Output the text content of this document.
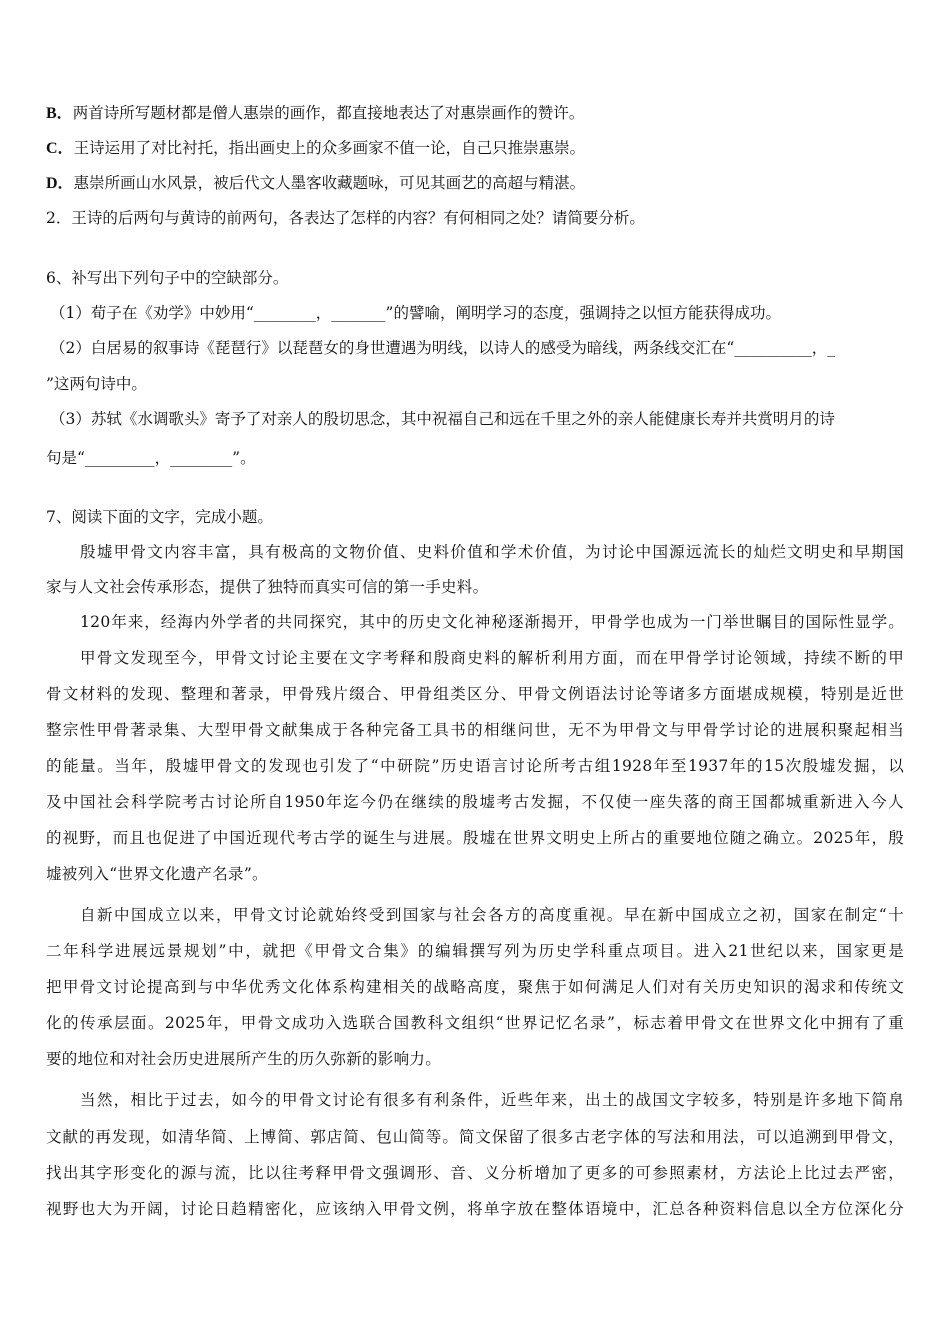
B．两首诗所写题材都是僧人惠崇的画作，都直接地表达了对惠崇画作的赞许。
C．王诗运用了对比衬托，指出画史上的众多画家不值一论，自己只推崇惠崇。
D．惠崇所画山水风景，被后代文人墨客收藏题咏，可见其画艺的高超与精湛。
2．王诗的后两句与黄诗的前两句，各表达了怎样的内容？有何相同之处？请简要分析。
6、补写出下列句子中的空缺部分。
（1）荀子在《劝学》中妙用“________，_______”的譬喻，阐明学习的态度，强调持之以恒方能获得成功。
（2）白居易的叙事诗《琵琶行》以琵琶女的身世遭遇为明线，以诗人的感受为暗线，两条线交汇在“__________，_
”这两句诗中。
（3）苏轼《水调歌头》寄予了对亲人的殷切思念，其中祝福自己和远在千里之外的亲人能健康长寿并共赏明月的诗
句是“_________，________”。
7、阅读下面的文字，完成小题。
殷墟甲骨文内容丰富，具有极高的文物价值、史料价值和学术价值，为讨论中国源远流长的灿烂文明史和早期国
家与人文社会传承形态，提供了独特而真实可信的第一手史料。
120年来，经海内外学者的共同探究，其中的历史文化神秘逐渐揭开，甲骨学也成为一门举世瞩目的国际性显学。
甲骨文发现至今，甲骨文讨论主要在文字考释和殷商史料的解析利用方面，而在甲骨学讨论领域，持续不断的甲
骨文材料的发现、整理和著录，甲骨残片缀合、甲骨组类区分、甲骨文例语法讨论等诸多方面堪成规模，特别是近世
整宗性甲骨著录集、大型甲骨文献集成于各种完备工具书的相继问世，无不为甲骨文与甲骨学讨论的进展积聚起相当
的能量。当年，殷墟甲骨文的发现也引发了“中研院”历史语言讨论所考古组1928年至1937年的15次殷墟发掘，以
及中国社会科学院考古讨论所自1950年迄今仍在继续的殷墟考古发掘，不仅使一座失落的商王国都城重新进入今人
的视野，而且也促进了中国近现代考古学的诞生与进展。殷墟在世界文明史上所占的重要地位随之确立。2025年，殷
墟被列入“世界文化遗产名录”。
自新中国成立以来，甲骨文讨论就始终受到国家与社会各方的高度重视。早在新中国成立之初，国家在制定“十
二年科学进展远景规划”中，就把《甲骨文合集》的编辑撰写列为历史学科重点项目。进入21世纪以来，国家更是
把甲骨文讨论提高到与中华优秀文化体系构建相关的战略高度，聚焦于如何满足人们对有关历史知识的渴求和传统文
化的传承层面。2025年，甲骨文成功入选联合国教科文组织“世界记忆名录”，标志着甲骨文在世界文化中拥有了重
要的地位和对社会历史进展所产生的历久弥新的影响力。
当然，相比于过去，如今的甲骨文讨论有很多有利条件，近些年来，出土的战国文字较多，特别是许多地下简帛
文献的再发现，如清华简、上博简、郭店简、包山简等。简文保留了很多古老字体的写法和用法，可以追溯到甲骨文，
找出其字形变化的源与流，比以往考释甲骨文强调形、音、义分析增加了更多的可参照素材，方法论上比过去严密，
视野也大为开阔，讨论日趋精密化，应该纳入甲骨文例，将单字放在整体语境中，汇总各种资料信息以全方位深化分
